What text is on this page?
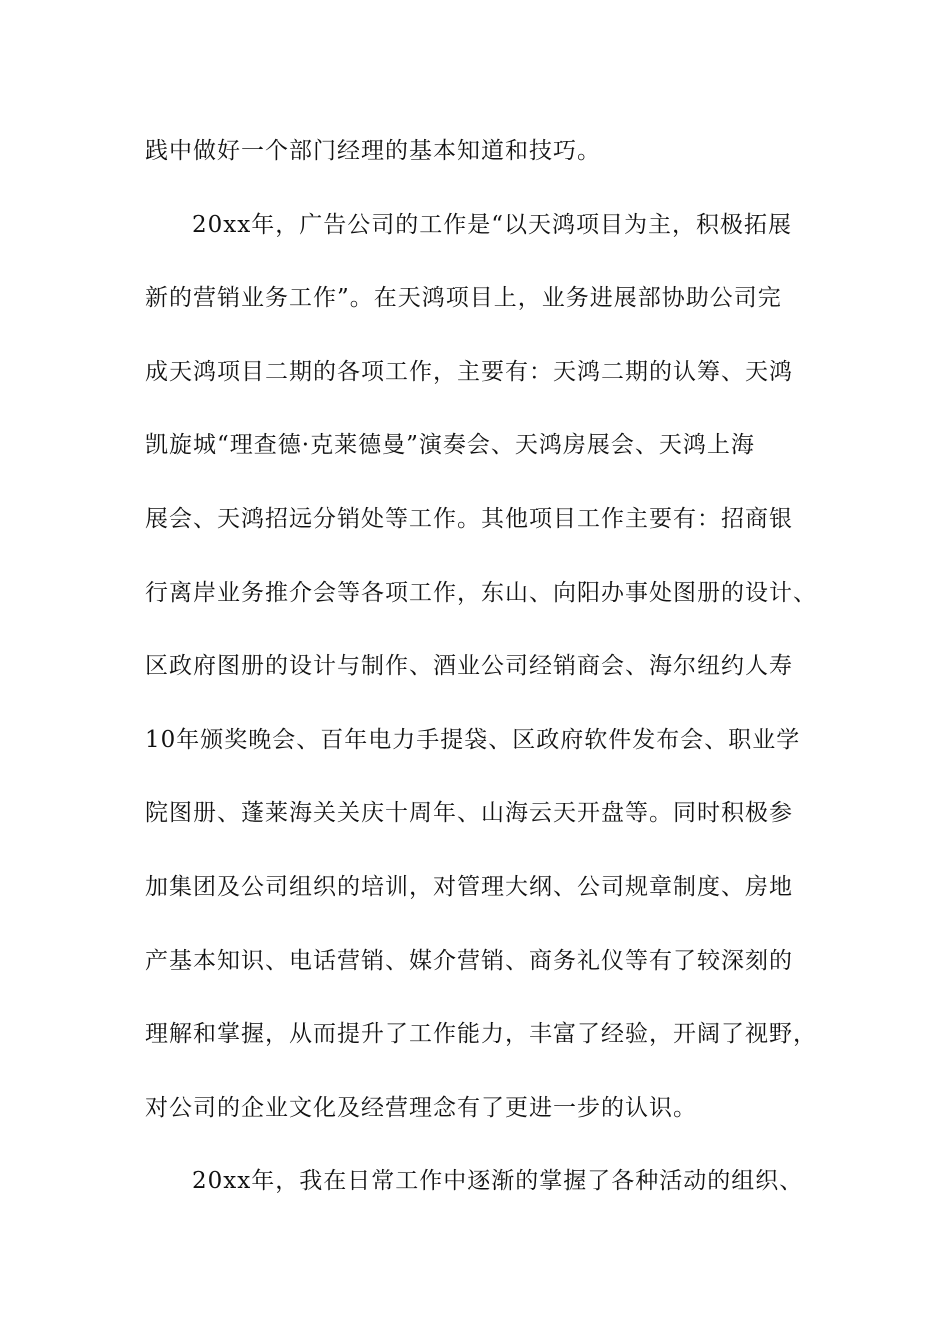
践中做好一个部门经理的基本知道和技巧。
20xx年，广告公司的工作是“以天鸿项目为主，积极拓展
新的营销业务工作”。在天鸿项目上，业务进展部协助公司完
成天鸿项目二期的各项工作，主要有：天鸿二期的认筹、天鸿
凯旋城“理查德·克莱德曼”演奏会、天鸿房展会、天鸿上海
展会、天鸿招远分销处等工作。其他项目工作主要有：招商银
行离岸业务推介会等各项工作，东山、向阳办事处图册的设计、
区政府图册的设计与制作、酒业公司经销商会、海尔纽约人寿
10年颁奖晚会、百年电力手提袋、区政府软件发布会、职业学
院图册、蓬莱海关关庆十周年、山海云天开盘等。同时积极参
加集团及公司组织的培训，对管理大纲、公司规章制度、房地
产基本知识、电话营销、媒介营销、商务礼仪等有了较深刻的
理解和掌握，从而提升了工作能力，丰富了经验，开阔了视野，
对公司的企业文化及经营理念有了更进一步的认识。
20xx年，我在日常工作中逐渐的掌握了各种活动的组织、
